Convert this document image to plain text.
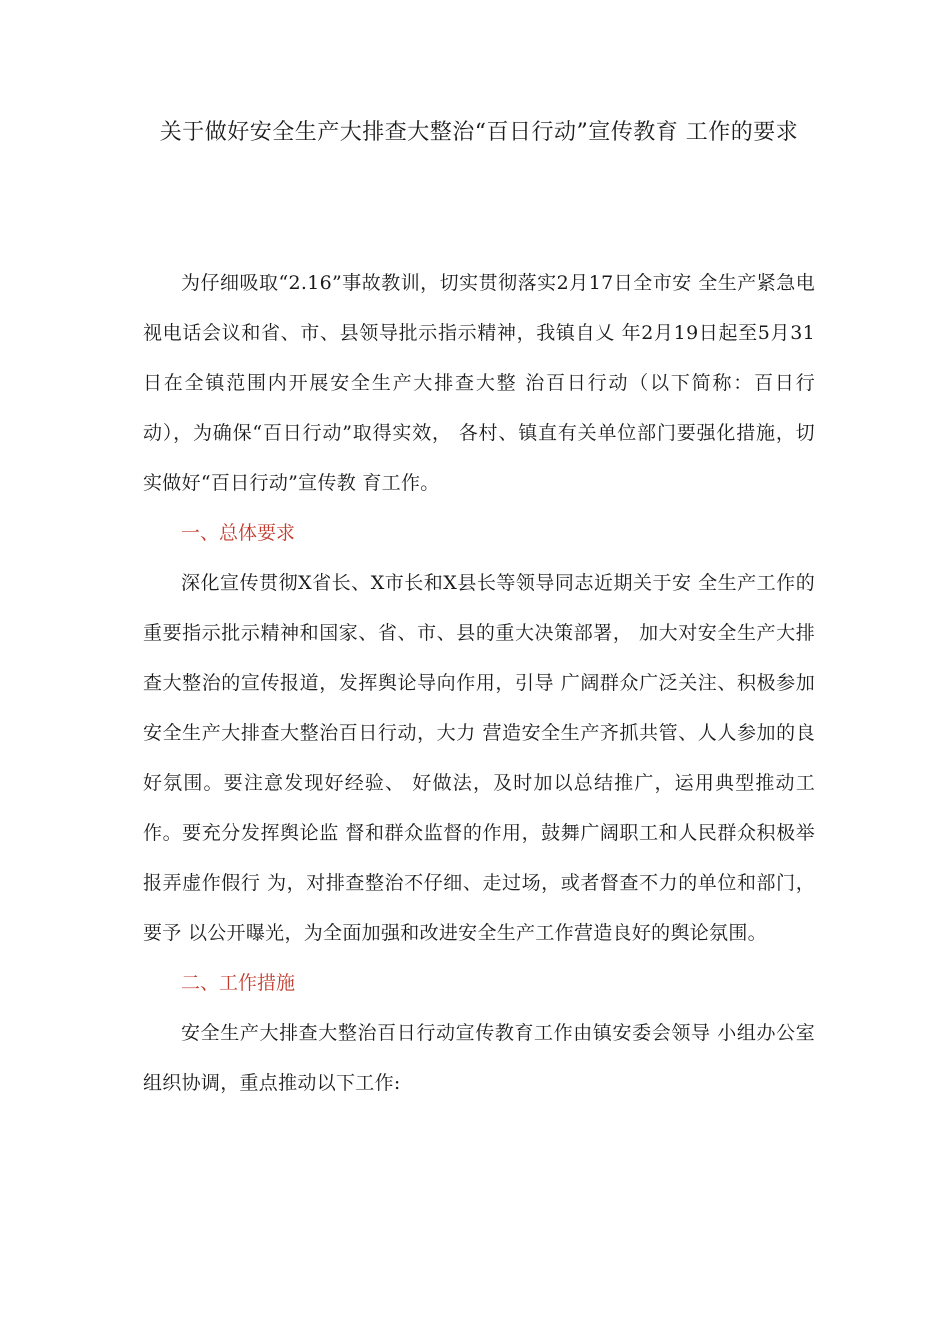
关于做好安全生产大排查大整治“百日行动”宣传教育 工作的要求

为仔细吸取“2.16”事故教训，切实贯彻落实2月17日全市安 全生产紧急电视电话会议和省、市、县领导批示指示精神，我镇自乂 年2月19日起至5月31日在全镇范围内开展安全生产大排查大整 治百日行动（以下简称：百日行动），为确保“百日行动”取得实效， 各村、镇直有关单位部门要强化措施，切实做好“百日行动”宣传教 育工作。

一、总体要求

深化宣传贯彻X省长、X市长和X县长等领导同志近期关于安 全生产工作的重要指示批示精神和国家、省、市、县的重大决策部署， 加大对安全生产大排查大整治的宣传报道，发挥舆论导向作用，引导 广阔群众广泛关注、积极参加安全生产大排查大整治百日行动，大力 营造安全生产齐抓共管、人人参加的良好氛围。要注意发现好经验、 好做法，及时加以总结推广，运用典型推动工作。要充分发挥舆论监 督和群众监督的作用，鼓舞广阔职工和人民群众积极举报弄虚作假行 为，对排查整治不仔细、走过场，或者督查不力的单位和部门，要予 以公开曝光，为全面加强和改进安全生产工作营造良好的舆论氛围。

二、工作措施

安全生产大排查大整治百日行动宣传教育工作由镇安委会领导 小组办公室组织协调，重点推动以下工作:
